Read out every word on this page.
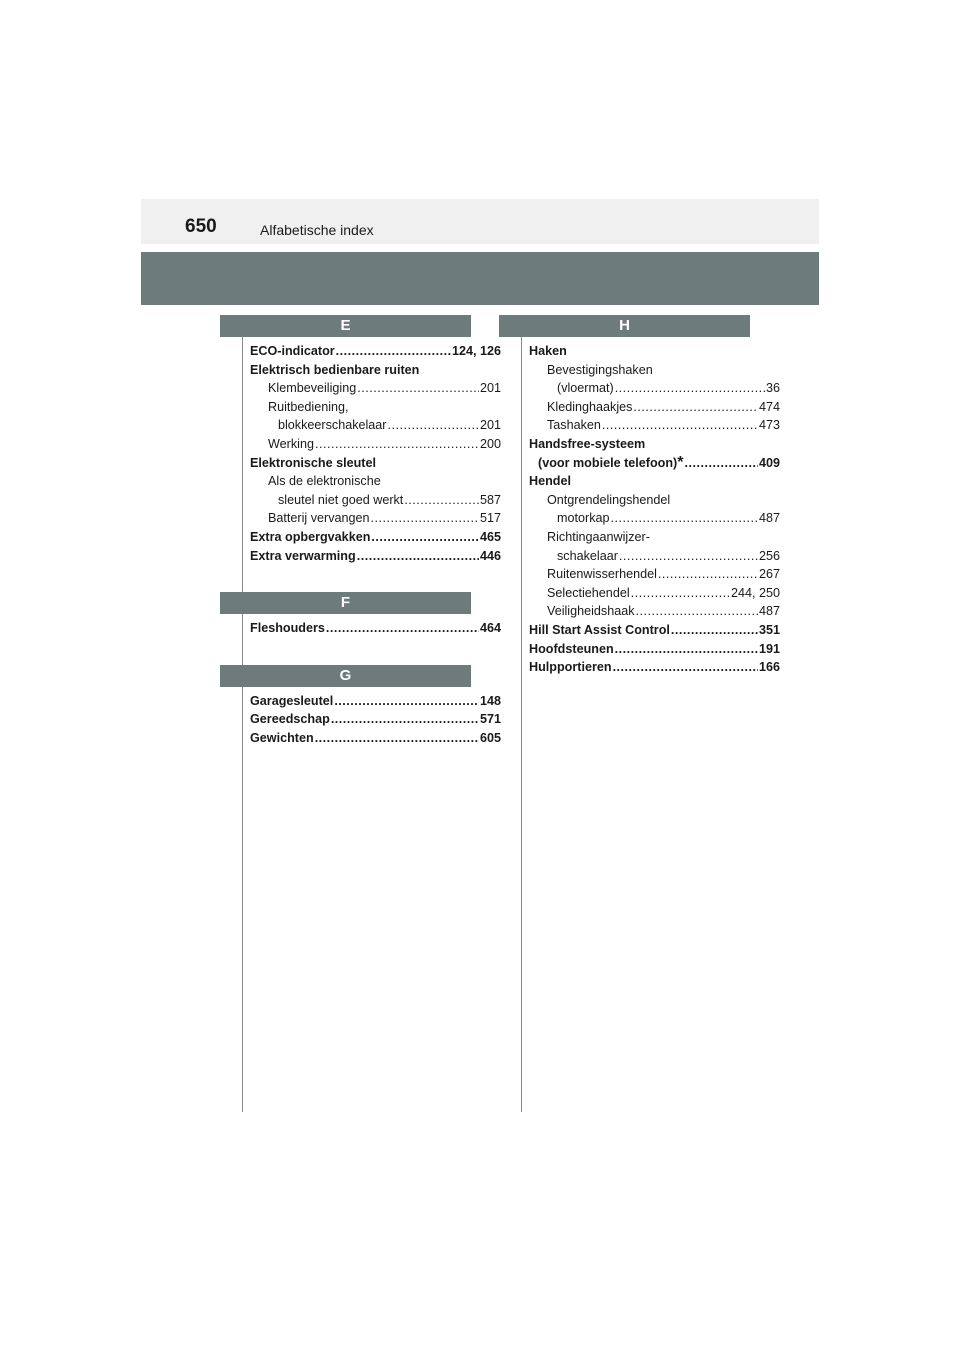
650	Alfabetische index
E
ECO-indicator .....	124, 126
Elektrisch bedienbare ruiten
Klembeveiliging .....	201
Ruitbediening,
blokkeerschakelaar .....	201
Werking .....	200
Elektronische sleutel
Als de elektronische
sleutel niet goed werkt .....	587
Batterij vervangen .....	517
Extra opbergvakken .....	465
Extra verwarming .....	446
F
Fleshouders .....	464
G
Garagesleutel .....	148
Gereedschap .....	571
Gewichten .....	605
H
Haken
Bevestigingshaken
(vloermat) .....	36
Kledinghaakjes .....	474
Tashaken .....	473
Handsfree-systeem
(voor mobiele telefoon) * .....	409
Hendel
Ontgrendelingshendel
motorkap .....	487
Richtingaanwijzer-
schakelaar .....	256
Ruitenwisserhendel .....	267
Selectiehendel .....	244, 250
Veiligheidshaak .....	487
Hill Start Assist Control .....	351
Hoofdsteunen .....	191
Hulpportieren .....	166
